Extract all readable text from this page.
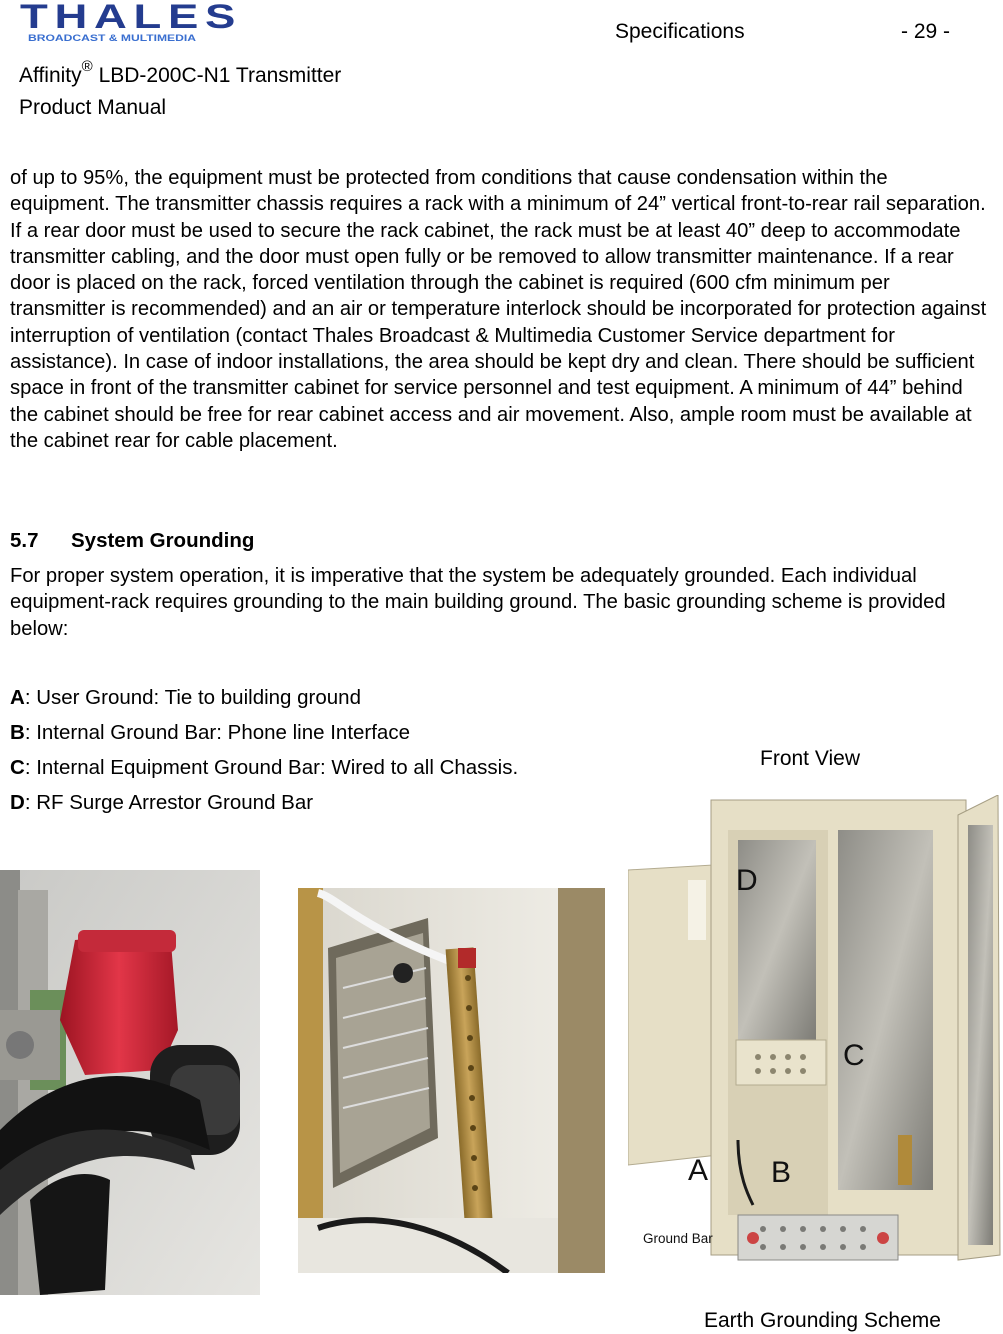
THALES
BROADCAST & MULTIMEDIA	Specifications	- 29 -
Affinity® LBD-200C-N1 Transmitter
Product Manual

of up to 95%, the equipment must be protected from conditions that cause condensation within the equipment. The transmitter chassis requires a rack with a minimum of 24” vertical front-to-rear rail separation. If a rear door must be used to secure the rack cabinet, the rack must be at least 40” deep to accommodate transmitter cabling, and the door must open fully or be removed to allow transmitter maintenance. If a rear door is placed on the rack, forced ventilation through the cabinet is required (600 cfm minimum per transmitter is recommended) and an air or temperature interlock should be incorporated for protection against interruption of ventilation (contact Thales Broadcast & Multimedia Customer Service department for assistance). In case of indoor installations, the area should be kept dry and clean. There should be sufficient space in front of the transmitter cabinet for service personnel and test equipment. A minimum of 44” behind the cabinet should be free for rear cabinet access and air movement. Also, ample room must be available at the cabinet rear for cable placement.

5.7 System Grounding

For proper system operation, it is imperative that the system be adequately grounded. Each individual equipment-rack requires grounding to the main building ground. The basic grounding scheme is provided below:

A: User Ground: Tie to building ground
B: Internal Ground Bar: Phone line Interface
C: Internal Equipment Ground Bar: Wired to all Chassis.
D: RF Surge Arrestor Ground Bar
Front View
D
C
A B
Ground Bar
Earth Grounding Scheme
